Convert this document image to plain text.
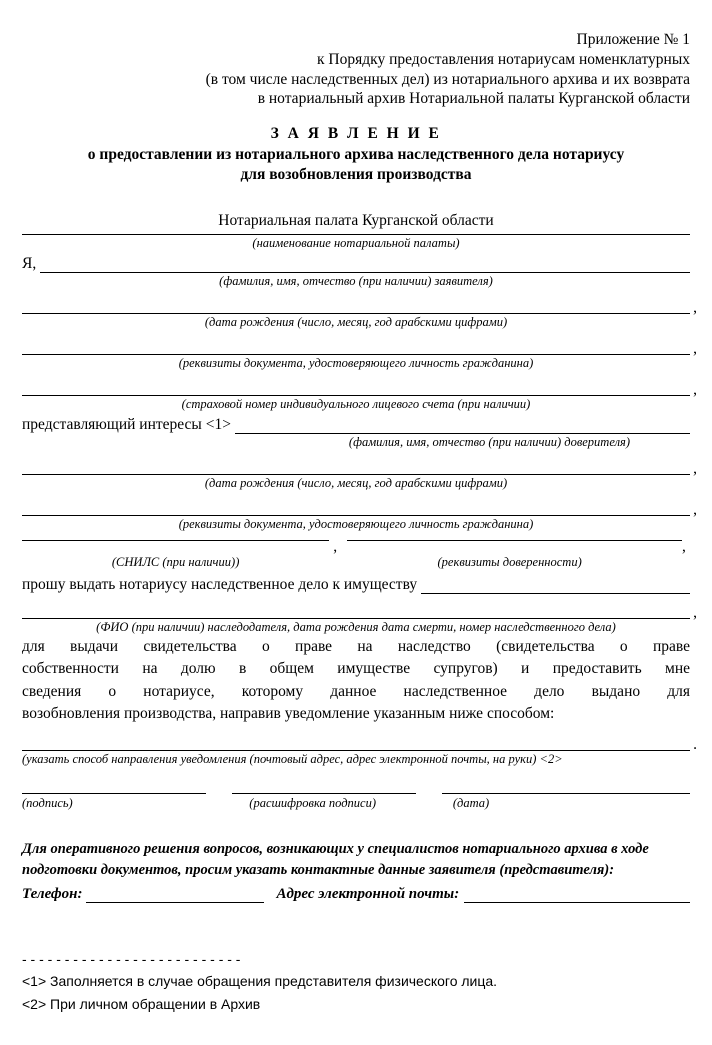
Приложение № 1
к Порядку предоставления нотариусам номенклатурных
(в том числе наследственных дел) из нотариального архива и их возврата
в нотариальный архив Нотариальной палаты Курганской области
З А Я В Л Е Н И Е
о предоставлении из нотариального архива наследственного дела нотариусу
для возобновления производства
Нотариальная палата Курганской области
(наименование нотариальной палаты)
Я,
(фамилия, имя, отчество (при наличии) заявителя)
,
(дата рождения (число, месяц, год арабскими цифрами)
,
(реквизиты документа, удостоверяющего личность гражданина)
,
(страховой номер индивидуального лицевого счета (при наличии)
представляющий интересы <1>
(фамилия, имя, отчество (при наличии) доверителя)
,
(дата рождения (число, месяц, год арабскими цифрами)
,
(реквизиты документа, удостоверяющего личность гражданина)
,	,
(СНИЛС (при наличии))	(реквизиты доверенности)
прошу выдать нотариусу наследственное дело к имуществу
,
(ФИО (при наличии) наследодателя, дата рождения дата смерти, номер наследственного дела)
для выдачи свидетельства о праве на наследство (свидетельства о праве
собственности на долю в общем имуществе супругов) и предоставить мне
сведения о нотариусе, которому данное наследственное дело выдано для
возобновления производства, направив уведомление указанным ниже способом:
.
(указать способ направления уведомления (почтовый адрес, адрес электронной почты, на руки) <2>
(подпись)	(расшифровка подписи)	(дата)
Для оперативного решения вопросов, возникающих у специалистов нотариального архива в ходе
подготовки документов, просим указать контактные данные заявителя (представителя):
Телефон:	Адрес электронной почты:
- - - - - - - - - - - - - - - - - - - - - - - - - -
<1> Заполняется в случае обращения представителя физического лица.
<2> При личном обращении в Архив
